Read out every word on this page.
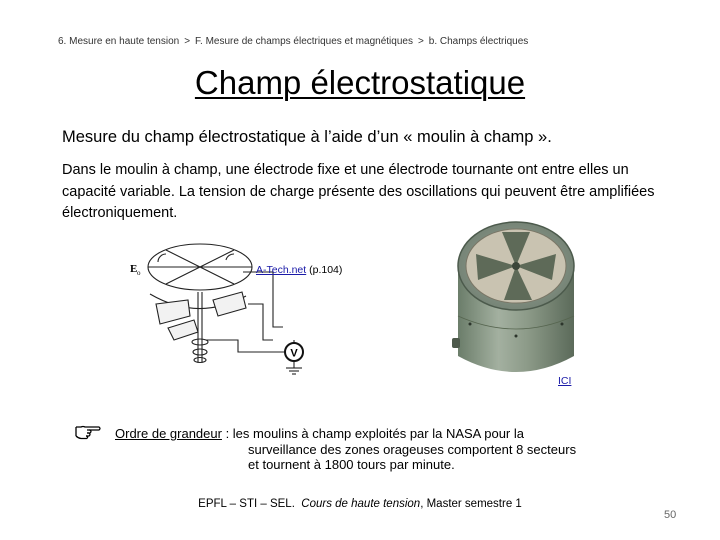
6. Mesure en haute tension > F. Mesure de champs électriques et magnétiques > b. Champs électriques
Champ électrostatique
Mesure du champ électrostatique à l’aide d’un « moulin à champ ».
Dans le moulin à champ, une électrode fixe et une électrode tournante ont entre elles un capacité variable. La tension de charge présente des oscillations qui peuvent être amplifiées électroniquement.
V
E o	A-Tech.net (p.104)
ICI
Ordre de grandeur : les moulins à champ exploités par la NASA pour la
surveillance des zones orageuses comportent 8 secteurs
et tournent à 1800 tours par minute.
EPFL – STI – SEL. Cours de haute tension, Master semestre 1
50
